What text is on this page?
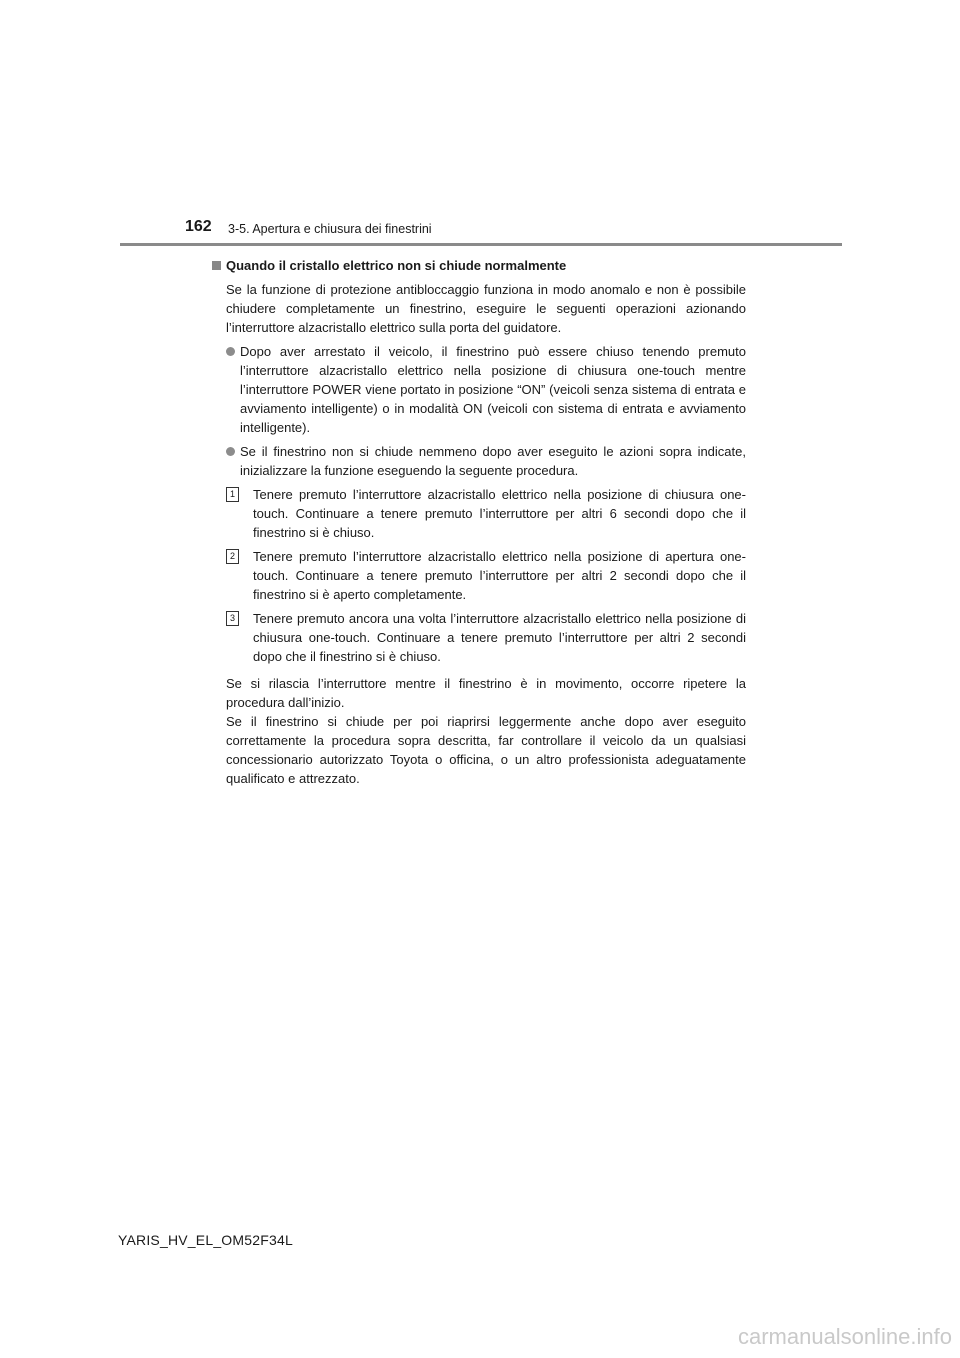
162 3-5. Apertura e chiusura dei finestrini
Quando il cristallo elettrico non si chiude normalmente

Se la funzione di protezione antibloccaggio funziona in modo anomalo e non è possibile chiudere completamente un finestrino, eseguire le seguenti operazioni azionando l’interruttore alzacristallo elettrico sulla porta del guidatore.

Dopo aver arrestato il veicolo, il finestrino può essere chiuso tenendo premuto l’interruttore alzacristallo elettrico nella posizione di chiusura one-touch mentre l’interruttore POWER viene portato in posizione “ON” (veicoli senza sistema di entrata e avviamento intelligente) o in modalità ON (veicoli con sistema di entrata e avviamento intelligente).
Se il finestrino non si chiude nemmeno dopo aver eseguito le azioni sopra indicate, inizializzare la funzione eseguendo la seguente procedura.
1	Tenere premuto l’interruttore alzacristallo elettrico nella posizione di chiusura one-touch. Continuare a tenere premuto l’interruttore per altri 6 secondi dopo che il finestrino si è chiuso.
2	Tenere premuto l’interruttore alzacristallo elettrico nella posizione di apertura one-touch. Continuare a tenere premuto l’interruttore per altri 2 secondi dopo che il finestrino si è aperto completamente.
3	Tenere premuto ancora una volta l’interruttore alzacristallo elettrico nella posizione di chiusura one-touch. Continuare a tenere premuto l’interruttore per altri 2 secondi dopo che il finestrino si è chiuso.

Se si rilascia l’interruttore mentre il finestrino è in movimento, occorre ripetere la procedura dall’inizio.

Se il finestrino si chiude per poi riaprirsi leggermente anche dopo aver eseguito correttamente la procedura sopra descritta, far controllare il veicolo da un qualsiasi concessionario autorizzato Toyota o officina, o un altro professionista adeguatamente qualificato e attrezzato.

YARIS_HV_EL_OM52F34L
carmanualsonline.info
